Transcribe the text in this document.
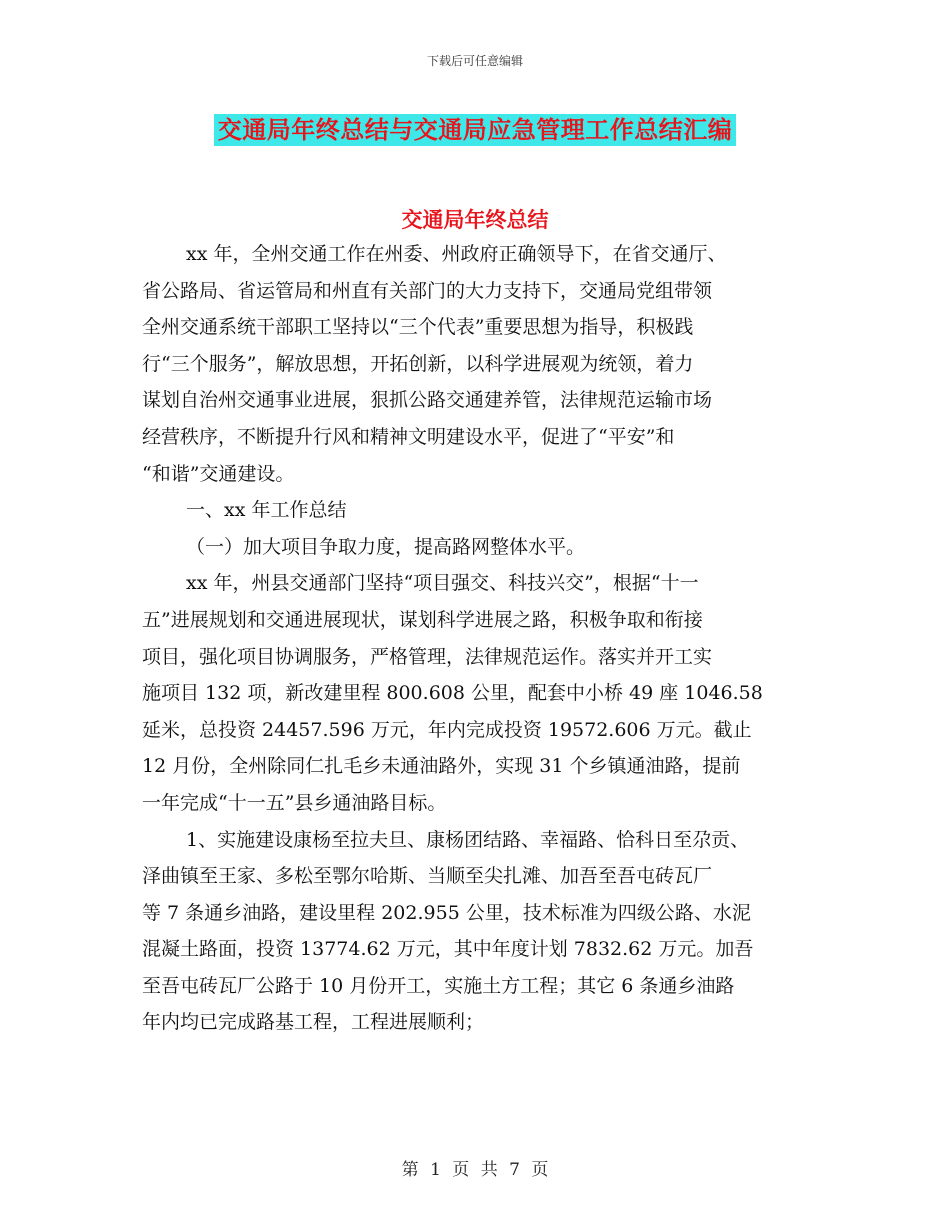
下载后可任意编辑
交通局年终总结与交通局应急管理工作总结汇编
交通局年终总结

xx 年，全州交通工作在州委、州政府正确领导下，在省交通厅、

省公路局、省运管局和州直有关部门的大力支持下，交通局党组带领

全州交通系统干部职工坚持以“三个代表”重要思想为指导，积极践

行“三个服务”，解放思想，开拓创新，以科学进展观为统领，着力

谋划自治州交通事业进展，狠抓公路交通建养管，法律规范运输市场

经营秩序，不断提升行风和精神文明建设水平，促进了“平安”和

“和谐”交通建设。

一、xx 年工作总结

（一）加大项目争取力度，提高路网整体水平。

xx 年，州县交通部门坚持“项目强交、科技兴交”，根据“十一

五”进展规划和交通进展现状，谋划科学进展之路，积极争取和衔接

项目，强化项目协调服务，严格管理，法律规范运作。落实并开工实

施项目 132 项，新改建里程 800.608 公里，配套中小桥 49 座 1046.58

延米，总投资 24457.596 万元，年内完成投资 19572.606 万元。截止

12 月份，全州除同仁扎毛乡未通油路外，实现 31 个乡镇通油路，提前

一年完成“十一五”县乡通油路目标。

1、实施建设康杨至拉夫旦、康杨团结路、幸福路、恰科日至尕贡、

泽曲镇至王家、多松至鄂尔哈斯、当顺至尖扎滩、加吾至吾屯砖瓦厂

等 7 条通乡油路，建设里程 202.955 公里，技术标准为四级公路、水泥

混凝土路面，投资 13774.62 万元，其中年度计划 7832.62 万元。加吾

至吾屯砖瓦厂公路于 10 月份开工，实施土方工程；其它 6 条通乡油路

年内均已完成路基工程，工程进展顺利；

第 1 页 共 7 页
